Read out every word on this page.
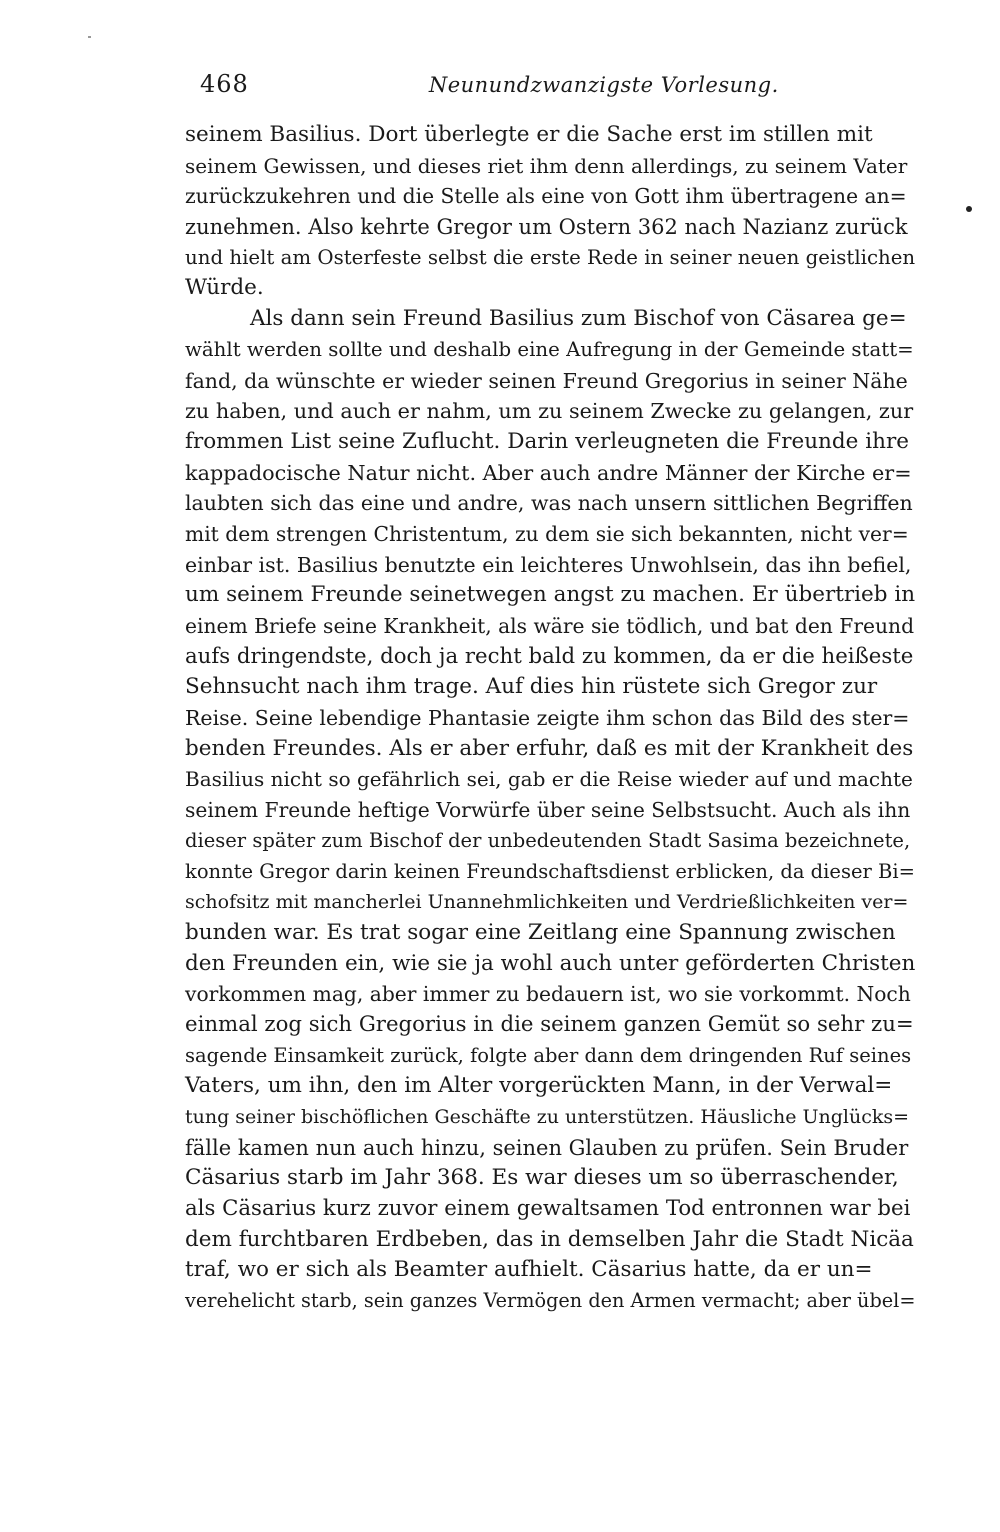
468	Neunundzwanzigste Vorlesung.
seinem Basilius. Dort überlegte er die Sache erst im stillen mit
seinem Gewissen, und dieses riet ihm denn allerdings, zu seinem Vater
zurückzukehren und die Stelle als eine von Gott ihm übertragene an=
zunehmen. Also kehrte Gregor um Ostern 362 nach Nazianz zurück
und hielt am Osterfeste selbst die erste Rede in seiner neuen geistlichen
Würde.
Als dann sein Freund Basilius zum Bischof von Cäsarea ge=
wählt werden sollte und deshalb eine Aufregung in der Gemeinde statt=
fand, da wünschte er wieder seinen Freund Gregorius in seiner Nähe
zu haben, und auch er nahm, um zu seinem Zwecke zu gelangen, zur
frommen List seine Zuflucht. Darin verleugneten die Freunde ihre
kappadocische Natur nicht. Aber auch andre Männer der Kirche er=
laubten sich das eine und andre, was nach unsern sittlichen Begriffen
mit dem strengen Christentum, zu dem sie sich bekannten, nicht ver=
einbar ist. Basilius benutzte ein leichteres Unwohlsein, das ihn befiel,
um seinem Freunde seinetwegen angst zu machen. Er übertrieb in
einem Briefe seine Krankheit, als wäre sie tödlich, und bat den Freund
aufs dringendste, doch ja recht bald zu kommen, da er die heißeste
Sehnsucht nach ihm trage. Auf dies hin rüstete sich Gregor zur
Reise. Seine lebendige Phantasie zeigte ihm schon das Bild des ster=
benden Freundes. Als er aber erfuhr, daß es mit der Krankheit des
Basilius nicht so gefährlich sei, gab er die Reise wieder auf und machte
seinem Freunde heftige Vorwürfe über seine Selbstsucht. Auch als ihn
dieser später zum Bischof der unbedeutenden Stadt Sasima bezeichnete,
konnte Gregor darin keinen Freundschaftsdienst erblicken, da dieser Bi=
schofsitz mit mancherlei Unannehmlichkeiten und Verdrießlichkeiten ver=
bunden war. Es trat sogar eine Zeitlang eine Spannung zwischen
den Freunden ein, wie sie ja wohl auch unter geförderten Christen
vorkommen mag, aber immer zu bedauern ist, wo sie vorkommt. Noch
einmal zog sich Gregorius in die seinem ganzen Gemüt so sehr zu=
sagende Einsamkeit zurück, folgte aber dann dem dringenden Ruf seines
Vaters, um ihn, den im Alter vorgerückten Mann, in der Verwal=
tung seiner bischöflichen Geschäfte zu unterstützen. Häusliche Unglücks=
fälle kamen nun auch hinzu, seinen Glauben zu prüfen. Sein Bruder
Cäsarius starb im Jahr 368. Es war dieses um so überraschender,
als Cäsarius kurz zuvor einem gewaltsamen Tod entronnen war bei
dem furchtbaren Erdbeben, das in demselben Jahr die Stadt Nicäa
traf, wo er sich als Beamter aufhielt. Cäsarius hatte, da er un=
verehelicht starb, sein ganzes Vermögen den Armen vermacht; aber übel=
